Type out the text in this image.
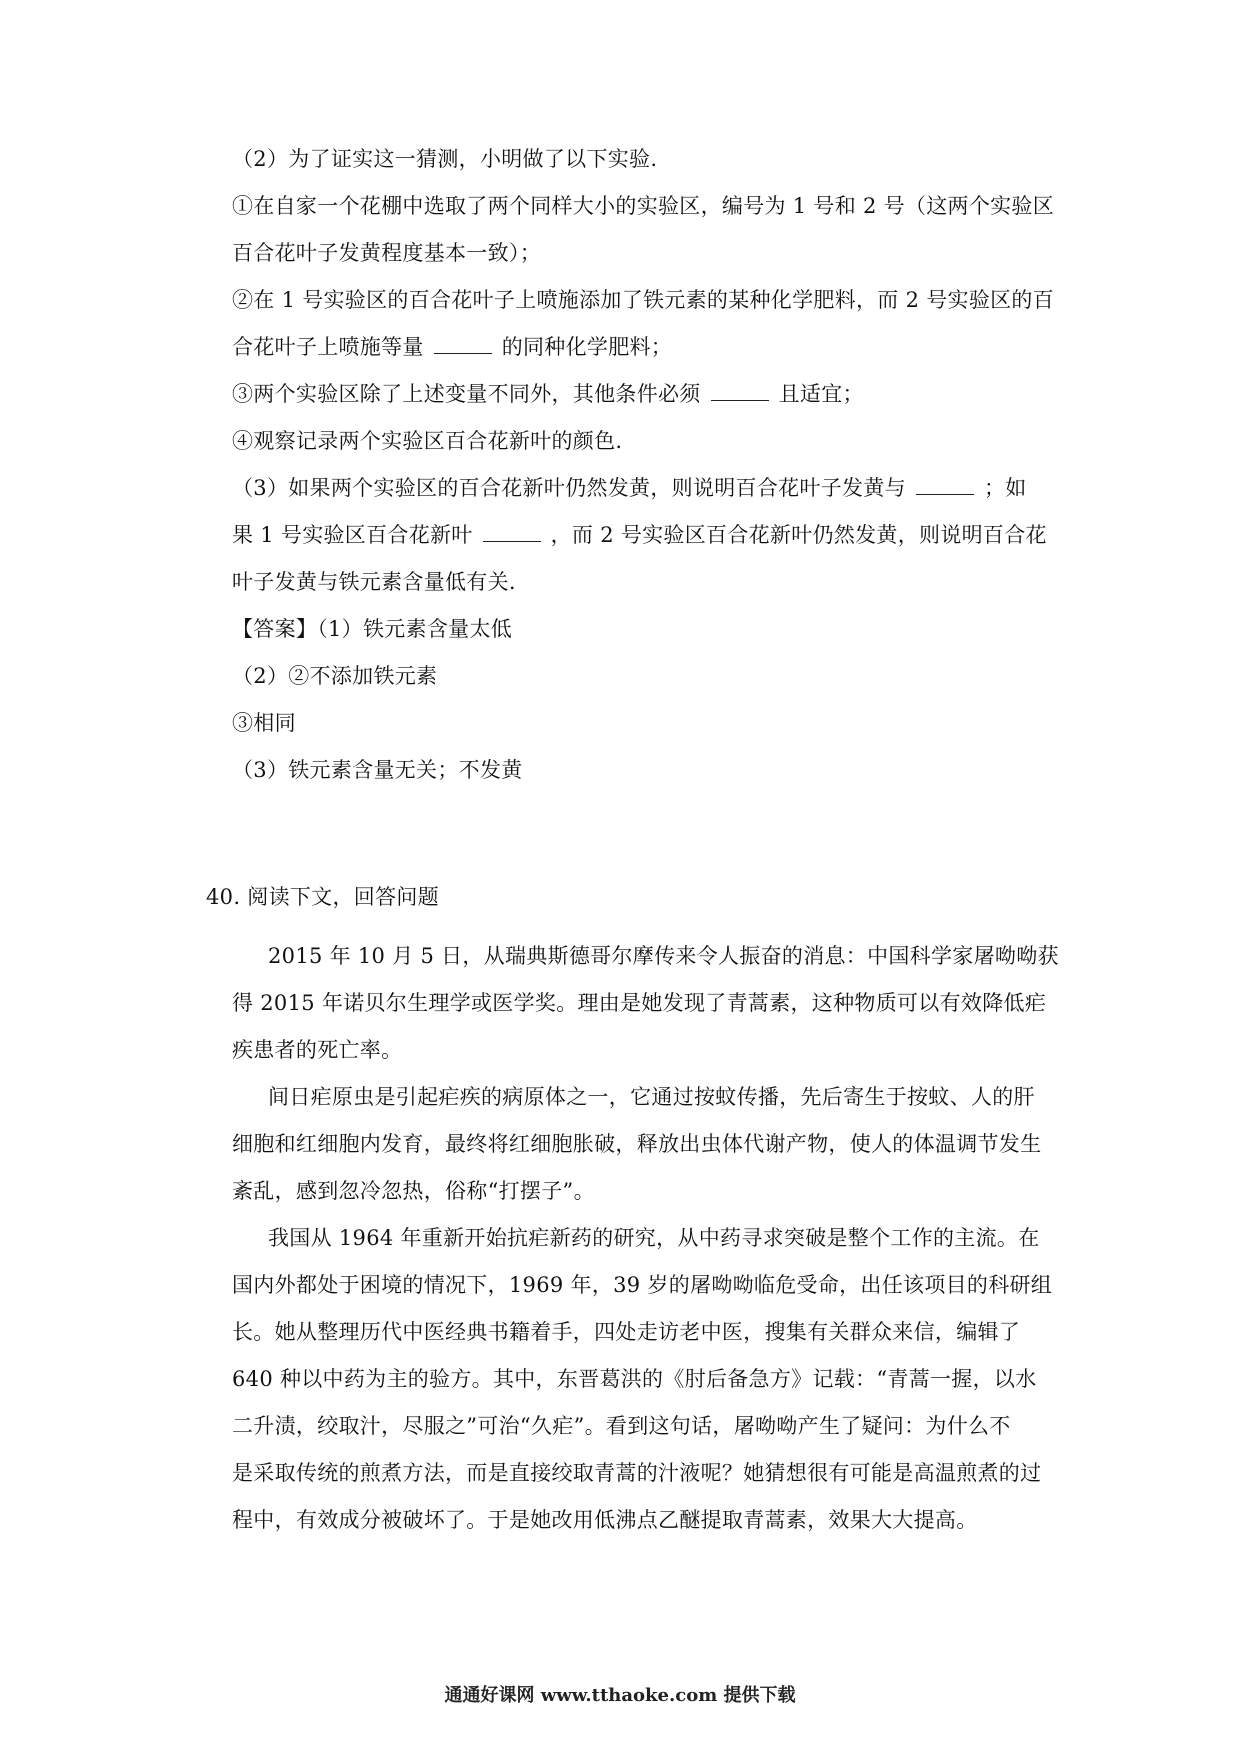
（2）为了证实这一猜测，小明做了以下实验.
①在自家一个花棚中选取了两个同样大小的实验区，编号为 1 号和 2 号（这两个实验区
百合花叶子发黄程度基本一致）；
②在 1 号实验区的百合花叶子上喷施添加了铁元素的某种化学肥料，而 2 号实验区的百
合花叶子上喷施等量	的同种化学肥料；
③两个实验区除了上述变量不同外，其他条件必须	且适宜；
④观察记录两个实验区百合花新叶的颜色.
（3）如果两个实验区的百合花新叶仍然发黄，则说明百合花叶子发黄与	；如
果 1 号实验区百合花新叶	，而 2 号实验区百合花新叶仍然发黄，则说明百合花
叶子发黄与铁元素含量低有关.
【答案】（1）铁元素含量太低
（2）②不添加铁元素
③相同
（3）铁元素含量无关；不发黄
40. 阅读下文，回答问题
2015 年 10 月 5 日，从瑞典斯德哥尔摩传来令人振奋的消息：中国科学家屠呦呦获
得 2015 年诺贝尔生理学或医学奖。理由是她发现了青蒿素，这种物质可以有效降低疟
疾患者的死亡率。
间日疟原虫是引起疟疾的病原体之一，它通过按蚊传播，先后寄生于按蚊、人的肝
细胞和红细胞内发育，最终将红细胞胀破，释放出虫体代谢产物，使人的体温调节发生
紊乱，感到忽冷忽热，俗称“打摆子”。
我国从 1964 年重新开始抗疟新药的研究，从中药寻求突破是整个工作的主流。在
国内外都处于困境的情况下，1969 年，39 岁的屠呦呦临危受命，出任该项目的科研组
长。她从整理历代中医经典书籍着手，四处走访老中医，搜集有关群众来信，编辑了
640 种以中药为主的验方。其中，东晋葛洪的《肘后备急方》记载：“青蒿一握，以水
二升渍，绞取汁，尽服之”可治“久疟”。看到这句话，屠呦呦产生了疑问：为什么不
是采取传统的煎煮方法，而是直接绞取青蒿的汁液呢？她猜想很有可能是高温煎煮的过
程中，有效成分被破坏了。于是她改用低沸点乙醚提取青蒿素，效果大大提高。
通通好课网 www.tthaoke.com 提供下载
